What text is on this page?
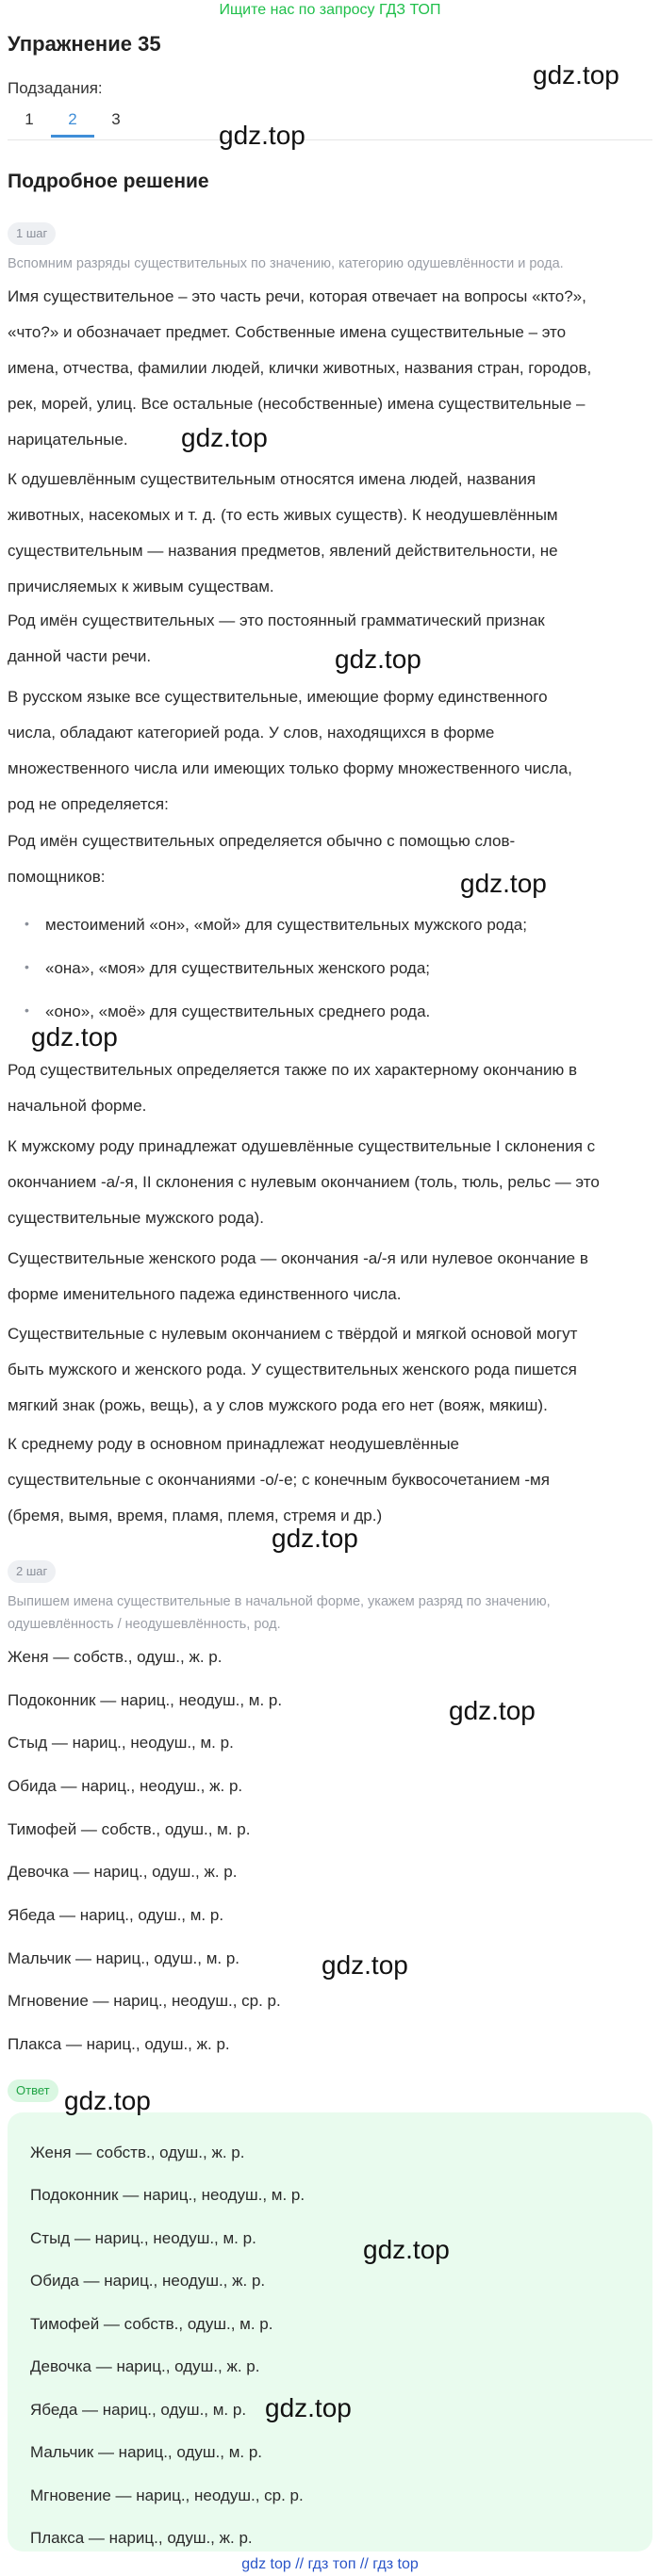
Ищите нас по запросу ГДЗ ТОП
Упражнение 35
Подзадания:
1	2	3
Подробное решение
1 шаг
Вспомним разряды существительных по значению, категорию одушевлённости и рода.
Имя существительное – это часть речи, которая отвечает на вопросы «кто?»,
«что?» и обозначает предмет. Собственные имена существительные – это
имена, отчества, фамилии людей, клички животных, названия стран, городов,
рек, морей, улиц. Все остальные (несобственные) имена существительные –
нарицательные.
К одушевлённым существительным относятся имена людей, названия
животных, насекомых и т. д. (то есть живых существ). К неодушевлённым
существительным — названия предметов, явлений действительности, не
причисляемых к живым существам.
Род имён существительных — это постоянный грамматический признак
данной части речи.
В русском языке все существительные, имеющие форму единственного
числа, обладают категорией рода. У слов, находящихся в форме
множественного числа или имеющих только форму множественного числа,
род не определяется:
Род имён существительных определяется обычно с помощью слов-
помощников:
• местоимений «он», «мой» для существительных мужского рода;
• «она», «моя» для существительных женского рода;
• «оно», «моё» для существительных среднего рода.
Род существительных определяется также по их характерному окончанию в
начальной форме.
К мужскому роду принадлежат одушевлённые существительные I склонения с
окончанием -а/-я, II склонения с нулевым окончанием (толь, тюль, рельс — это
существительные мужского рода).
Существительные женского рода — окончания -а/-я или нулевое окончание в
форме именительного падежа единственного числа.
Существительные с нулевым окончанием с твёрдой и мягкой основой могут
быть мужского и женского рода. У существительных женского рода пишется
мягкий знак (рожь, вещь), а у слов мужского рода его нет (вояж, мякиш).
К среднему роду в основном принадлежат неодушевлённые
существительные с окончаниями -о/-е; с конечным буквосочетанием -мя
(бремя, вымя, время, пламя, племя, стремя и др.)
2 шаг
Выпишем имена существительные в начальной форме, укажем разряд по значению,
одушевлённость / неодушевлённость, род.
Женя — собств., одуш., ж. р.
Подоконник — нариц., неодуш., м. р.
Стыд — нариц., неодуш., м. р.
Обида — нариц., неодуш., ж. р.
Тимофей — собств., одуш., м. р.
Девочка — нариц., одуш., ж. р.
Ябеда — нариц., одуш., м. р.
Мальчик — нариц., одуш., м. р.
Мгновение — нариц., неодуш., ср. р.
Плакса — нариц., одуш., ж. р.
Ответ
Женя — собств., одуш., ж. р.
Подоконник — нариц., неодуш., м. р.
Стыд — нариц., неодуш., м. р.
Обида — нариц., неодуш., ж. р.
Тимофей — собств., одуш., м. р.
Девочка — нариц., одуш., ж. р.
Ябеда — нариц., одуш., м. р.
Мальчик — нариц., одуш., м. р.
Мгновение — нариц., неодуш., ср. р.
Плакса — нариц., одуш., ж. р.
gdz.top
gdz.top
gdz.top
gdz.top
gdz.top
gdz.top
gdz.top
gdz.top
gdz.top
gdz.top
gdz.top
gdz.top
gdz top // гдз топ // гдз top
